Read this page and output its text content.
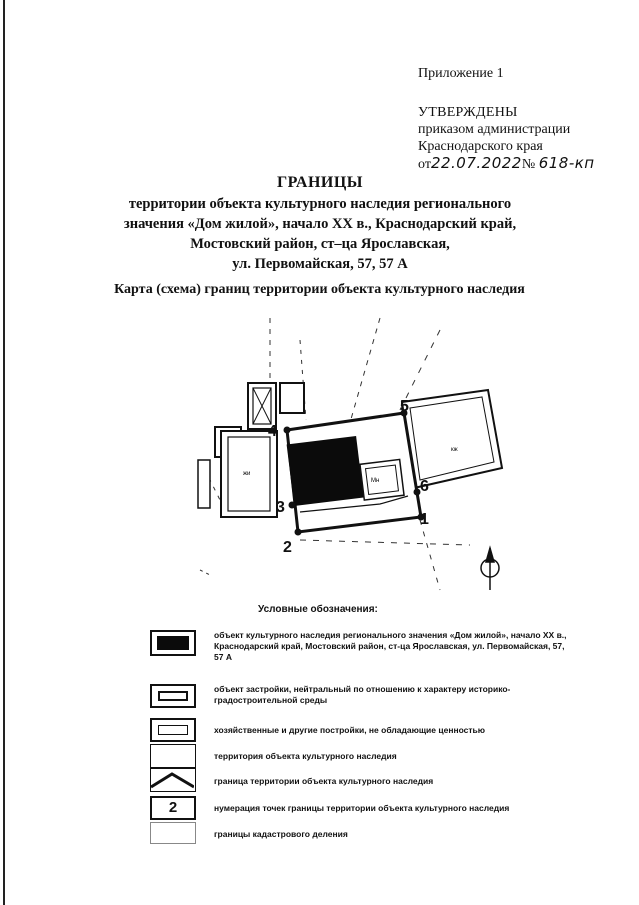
Приложение 1
УТВЕРЖДЕНЫ
приказом администрации
Краснодарского края
от22.07.2022№ 618-кп
ГРАНИЦЫ
территории объекта культурного наследия регионального
значения «Дом жилой», начало XX в., Краснодарский край,
Мостовский район, ст–ца Ярославская,
ул. Первомайская, 57, 57 А
Карта (схема) границ территории объекта культурного наследия
жи
кж
Мн
1
2
3
4
5
6
Условные обозначения:
объект культурного наследия регионального значения «Дом жилой», начало XX в., Краснодарский край, Мостовский район, ст-ца Ярославская, ул. Первомайская, 57, 57 А
объект застройки, нейтральный по отношению к характеру историко-градостроительной среды
хозяйственные и другие постройки, не обладающие ценностью
территория объекта культурного наследия
граница территории объекта культурного наследия
2	нумерация точек границы территории объекта культурного наследия
границы кадастрового деления
